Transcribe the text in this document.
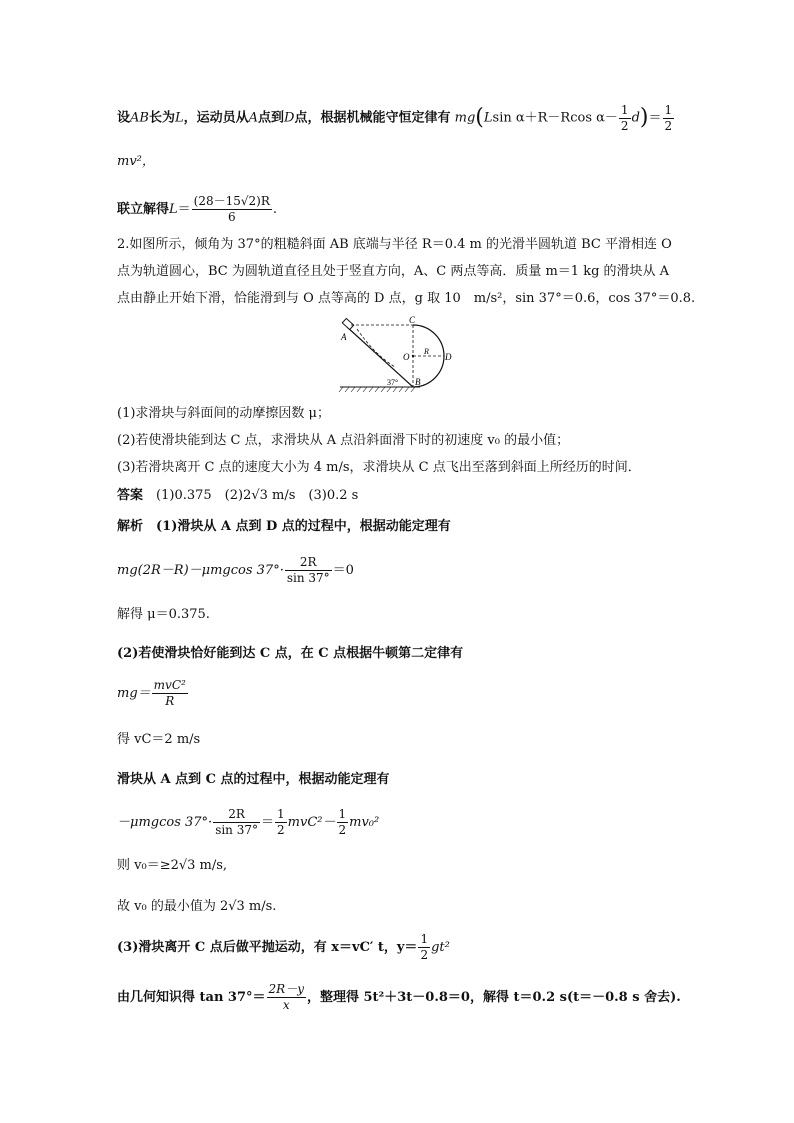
设AB长为L，运动员从A点到D点，根据机械能守恒定律有 mg(Lsin α＋R－Rcos $\alpha- \frac{1}{2} d)= \frac{1}{2}$
mv²，
联立解得$L= \frac{(28-15√2)R}{6}$ .
2.如图所示，倾角为 37°的粗糙斜面 AB 底端与半径 R＝0.4 m 的光滑半圆轨道 BC 平滑相连 O
点为轨道圆心，BC 为圆轨道直径且处于竖直方向，A、C 两点等高．质量 m＝1 kg 的滑块从 A
点由静止开始下滑，恰能滑到与 O 点等高的 D 点，g 取 10　m/s²，sin 37°＝0.6，cos 37°＝0.8.
A
C
O
R
D
B
37°
(1)求滑块与斜面间的动摩擦因数 μ；
(2)若使滑块能到达 C 点，求滑块从 A 点沿斜面滑下时的初速度 v₀ 的最小值；
(3)若滑块离开 C 点的速度大小为 4 m/s，求滑块从 C 点飞出至落到斜面上所经历的时间．
答案　 (1)0.375　(2)2√3 m/s　(3)0.2 s
解析　(1)滑块从 A 点到 D 点的过程中，根据动能定理有
mg(2R－R)－μmgcos $37^\circ\cdot \frac{2R}{\sin 37^\circ} =0$
解得 μ＝0.375.
(2)若使滑块恰好能到达 C 点，在 C 点根据牛顿第二定律有
$mg= \frac{\text{mvC²}}{R}$
得 vC＝2 m/s
滑块从 A 点到 C 点的过程中，根据动能定理有
－μmgcos $37^\circ\cdot \frac{2R}{\sin 37^\circ} = \frac{1}{2} mvC^2- \frac{1}{2} mv_0^2$
则 v₀＝≥2√3 m/s,
故 v₀ 的最小值为 2√3 m/s.
(3)滑块离开 C 点后做平抛运动，有 x＝vC′ t，$y= \frac{1}{2} gt^2$
由几何知识得 $\tan 37^\circ= \frac{2R-y}{x}$ ，整理得 5t²＋3t－0.8＝0，解得 t＝0.2 s(t＝－0.8 s 舍去).
